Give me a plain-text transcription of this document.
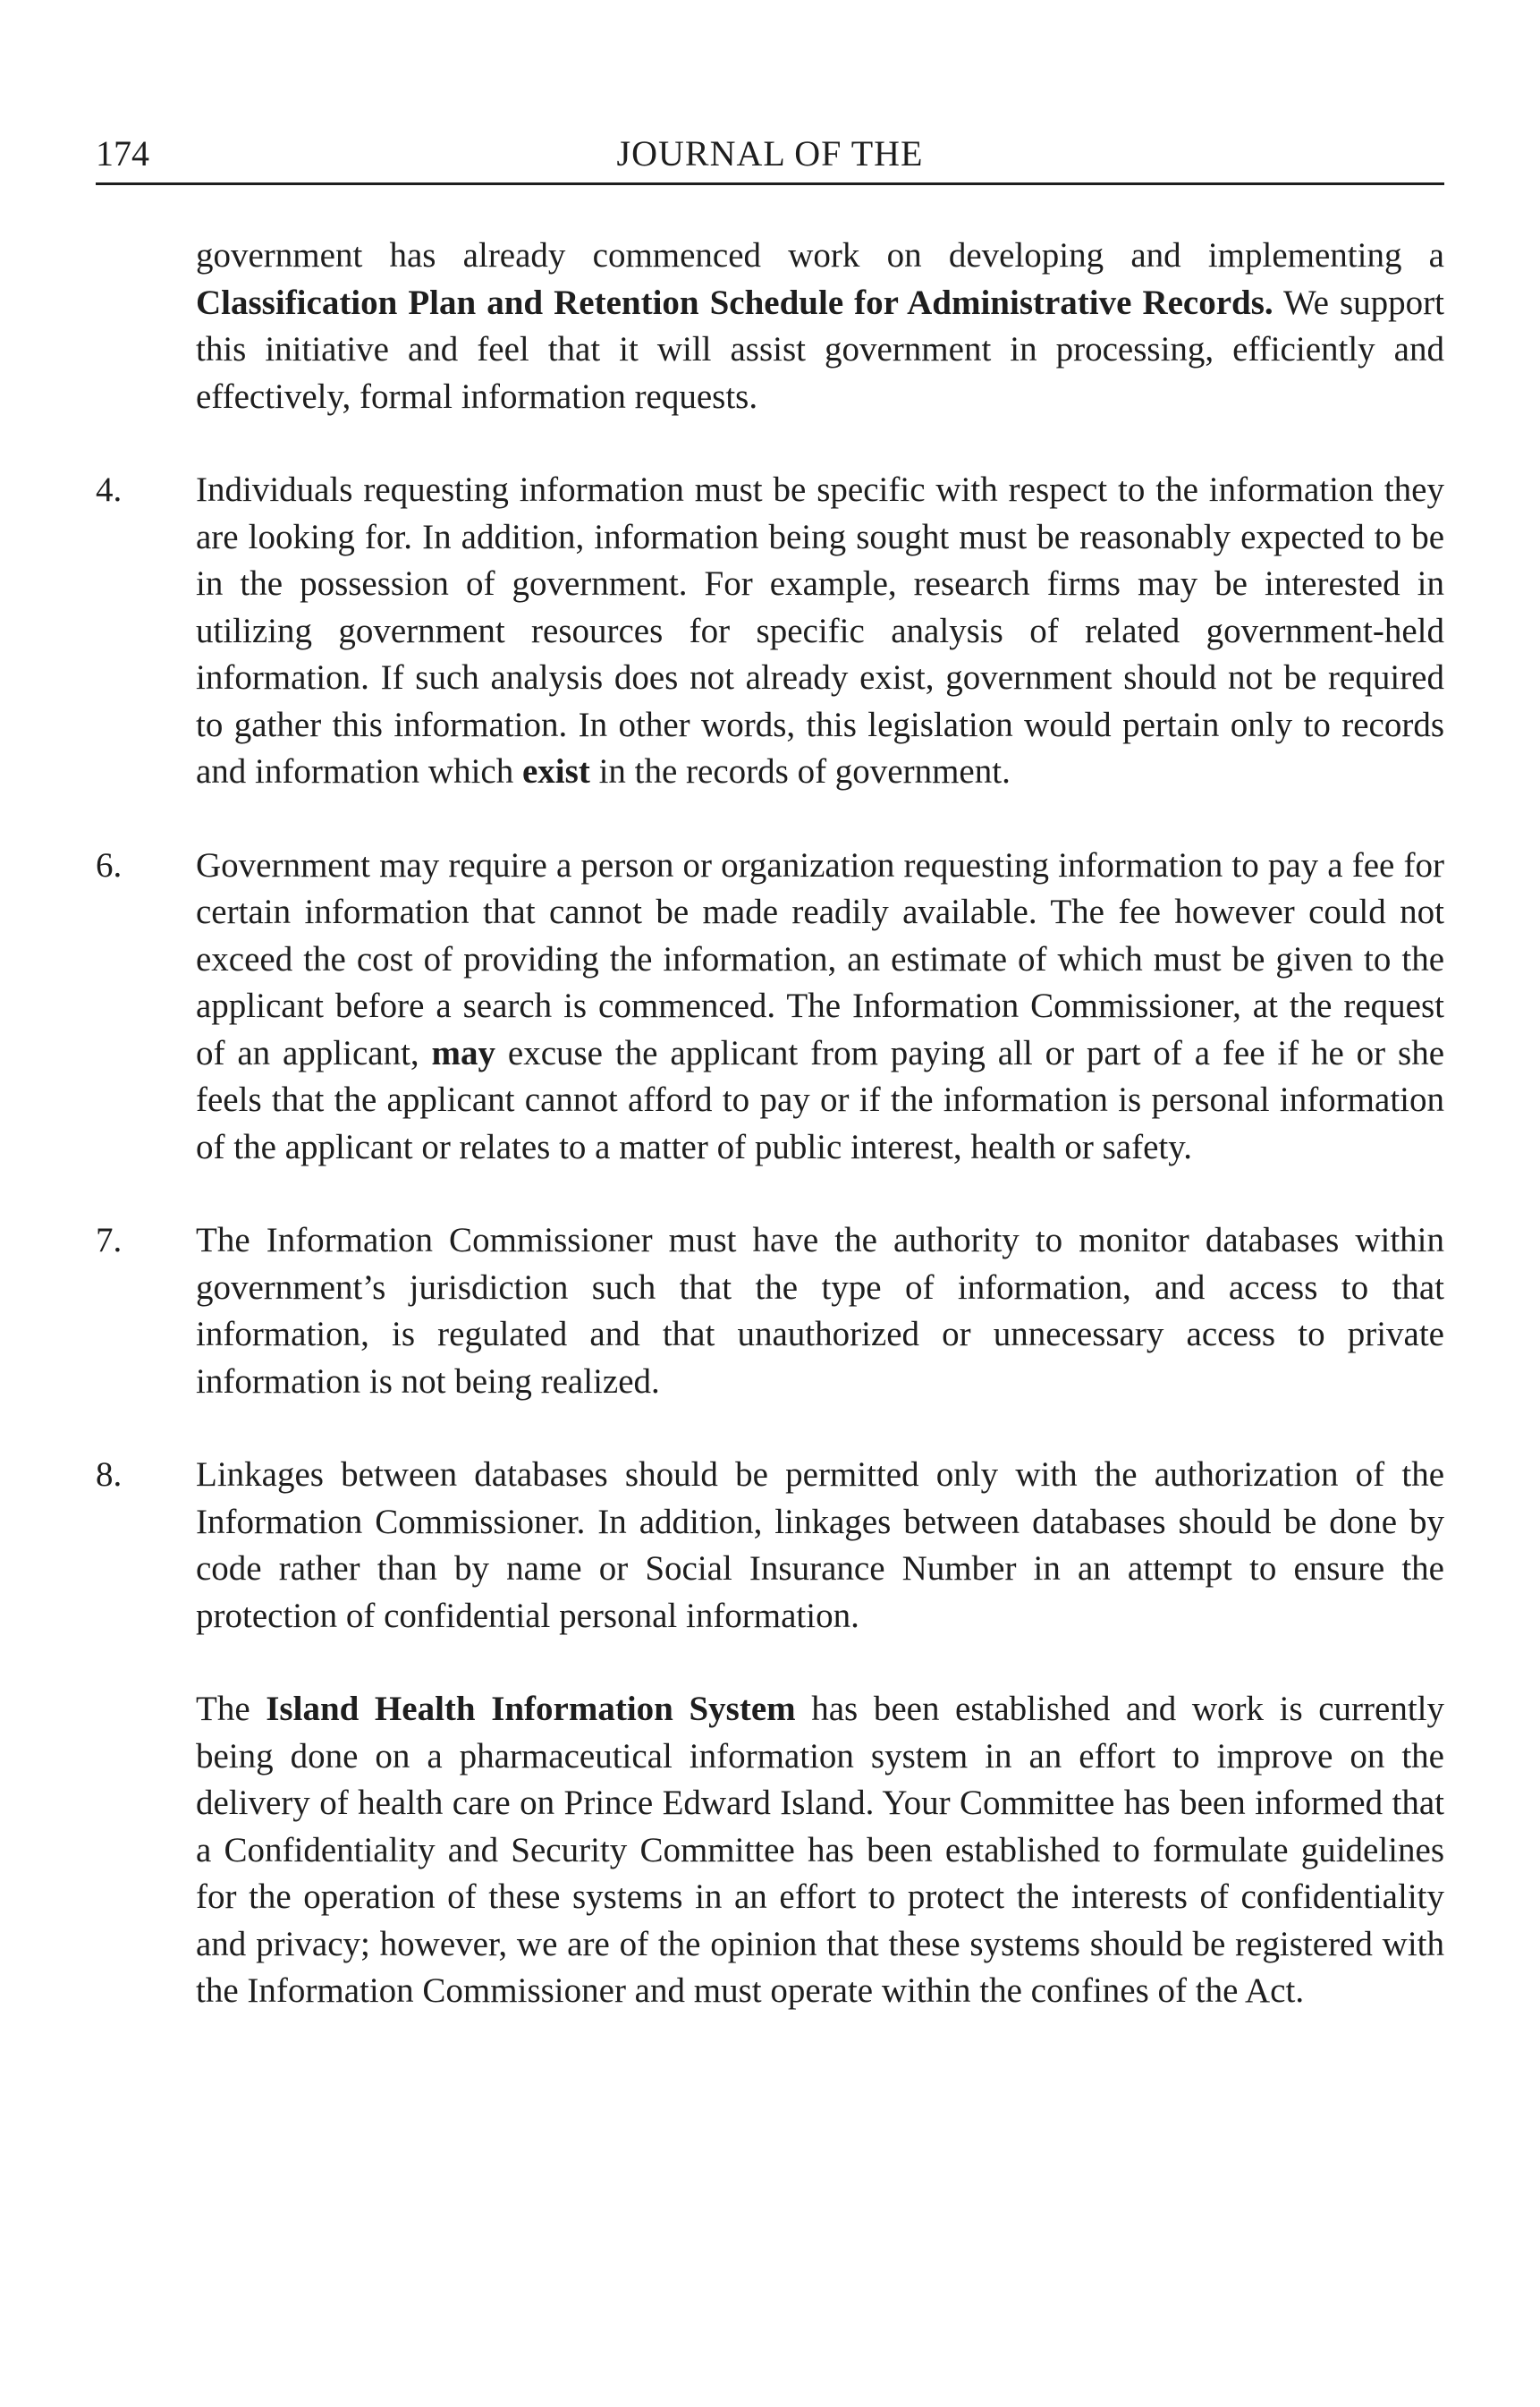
174	JOURNAL OF THE

government has already commenced work on developing and implementing a Classification Plan and Retention Schedule for Administrative Records. We support this initiative and feel that it will assist government in processing, efficiently and effectively, formal information requests.

4. Individuals requesting information must be specific with respect to the information they are looking for. In addition, information being sought must be reasonably expected to be in the possession of government. For example, research firms may be interested in utilizing government resources for specific analysis of related government-held information. If such analysis does not already exist, government should not be required to gather this information. In other words, this legislation would pertain only to records and information which exist in the records of government.

6. Government may require a person or organization requesting information to pay a fee for certain information that cannot be made readily available. The fee however could not exceed the cost of providing the information, an estimate of which must be given to the applicant before a search is commenced. The Information Commissioner, at the request of an applicant, may excuse the applicant from paying all or part of a fee if he or she feels that the applicant cannot afford to pay or if the information is personal information of the applicant or relates to a matter of public interest, health or safety.

7. The Information Commissioner must have the authority to monitor databases within government’s jurisdiction such that the type of information, and access to that information, is regulated and that unauthorized or unnecessary access to private information is not being realized.

8. Linkages between databases should be permitted only with the authorization of the Information Commissioner. In addition, linkages between databases should be done by code rather than by name or Social Insurance Number in an attempt to ensure the protection of confidential personal information.

The Island Health Information System has been established and work is currently being done on a pharmaceutical information system in an effort to improve on the delivery of health care on Prince Edward Island. Your Committee has been informed that a Confidentiality and Security Committee has been established to formulate guidelines for the operation of these systems in an effort to protect the interests of confidentiality and privacy; however, we are of the opinion that these systems should be registered with the Information Commissioner and must operate within the confines of the Act.
